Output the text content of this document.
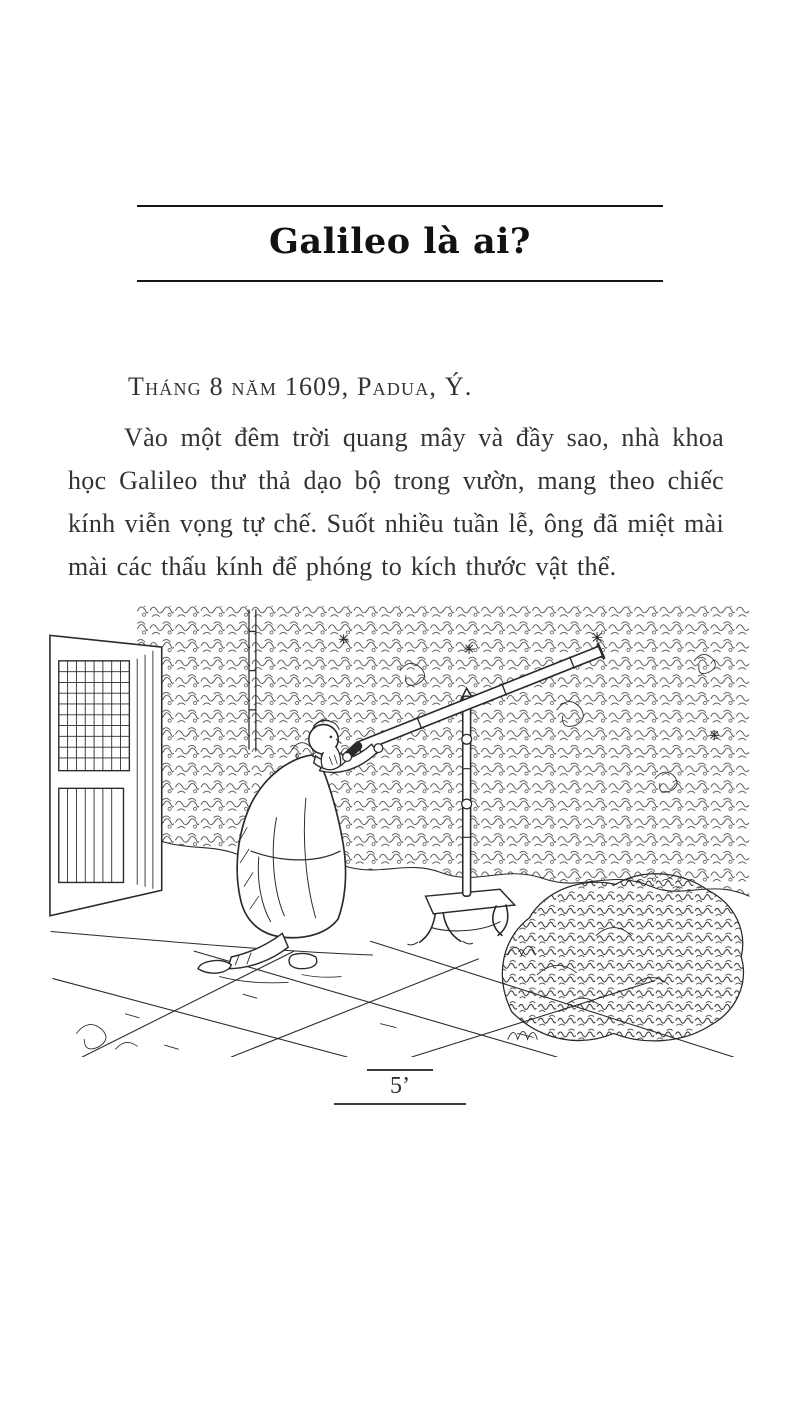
Galileo là ai?
Tháng 8 năm 1609, Padua, Ý.

Vào một đêm trời quang mây và đầy sao, nhà khoa học Galileo thư thả dạo bộ trong vườn, mang theo chiếc kính viễn vọng tự chế. Suốt nhiều tuần lễ, ông đã miệt mài mài các thấu kính để phóng to kích thước vật thể.

5’
